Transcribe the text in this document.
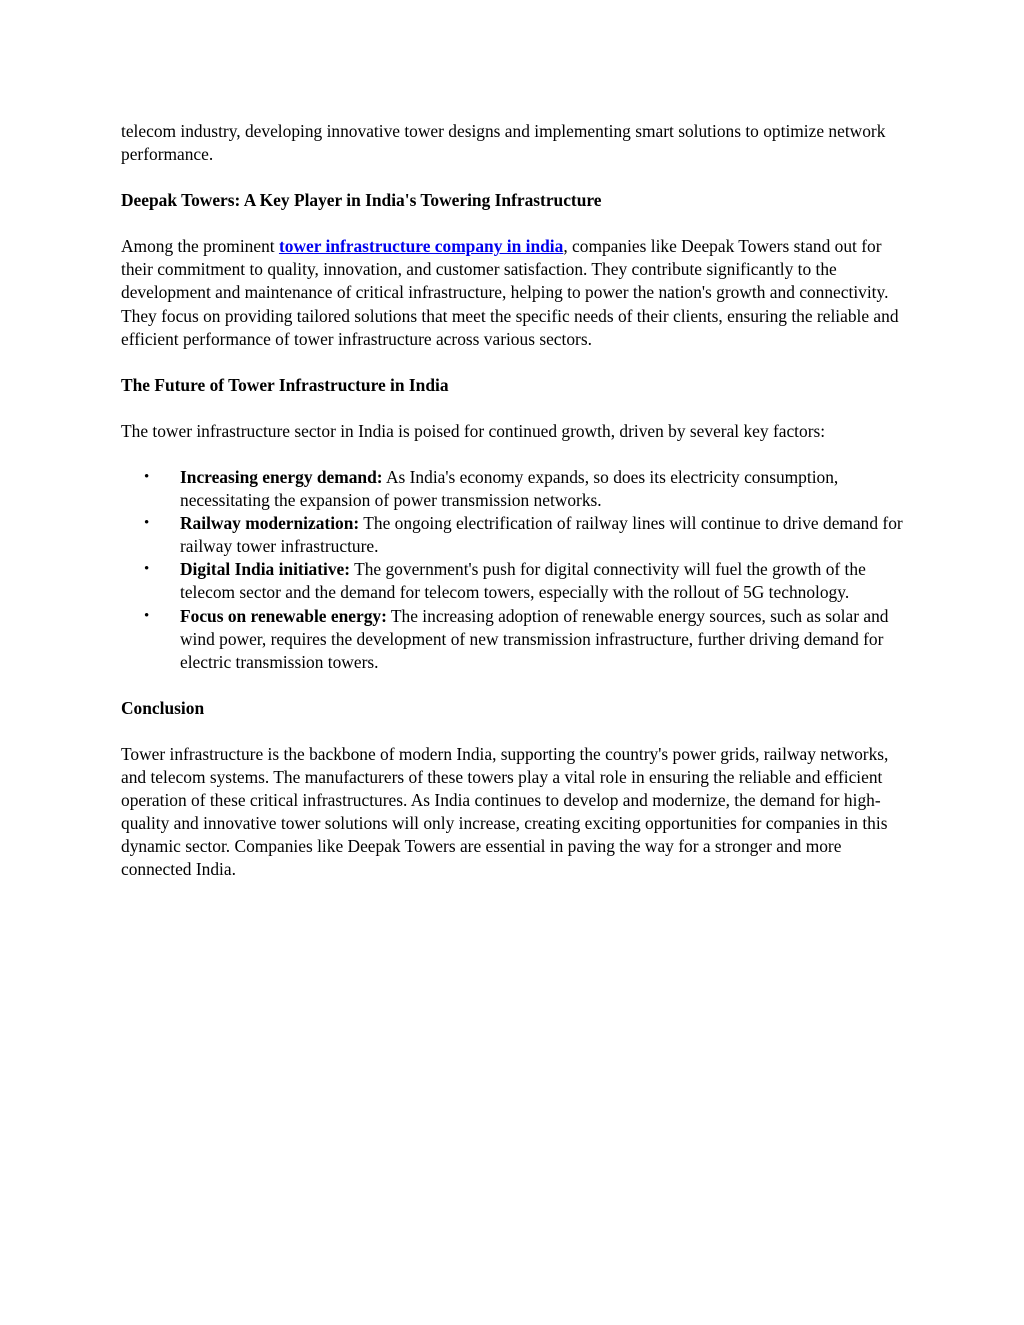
telecom industry, developing innovative tower designs and implementing smart solutions to optimize network performance.

Deepak Towers: A Key Player in India's Towering Infrastructure

Among the prominent tower infrastructure company in india, companies like Deepak Towers stand out for their commitment to quality, innovation, and customer satisfaction. They contribute significantly to the development and maintenance of critical infrastructure, helping to power the nation's growth and connectivity. They focus on providing tailored solutions that meet the specific needs of their clients, ensuring the reliable and efficient performance of tower infrastructure across various sectors.

The Future of Tower Infrastructure in India

The tower infrastructure sector in India is poised for continued growth, driven by several key factors:

• Increasing energy demand: As India's economy expands, so does its electricity consumption, necessitating the expansion of power transmission networks.
• Railway modernization: The ongoing electrification of railway lines will continue to drive demand for railway tower infrastructure.
• Digital India initiative: The government's push for digital connectivity will fuel the growth of the telecom sector and the demand for telecom towers, especially with the rollout of 5G technology.
• Focus on renewable energy: The increasing adoption of renewable energy sources, such as solar and wind power, requires the development of new transmission infrastructure, further driving demand for electric transmission towers.

Conclusion

Tower infrastructure is the backbone of modern India, supporting the country's power grids, railway networks, and telecom systems. The manufacturers of these towers play a vital role in ensuring the reliable and efficient operation of these critical infrastructures. As India continues to develop and modernize, the demand for high-quality and innovative tower solutions will only increase, creating exciting opportunities for companies in this dynamic sector. Companies like Deepak Towers are essential in paving the way for a stronger and more connected India.
